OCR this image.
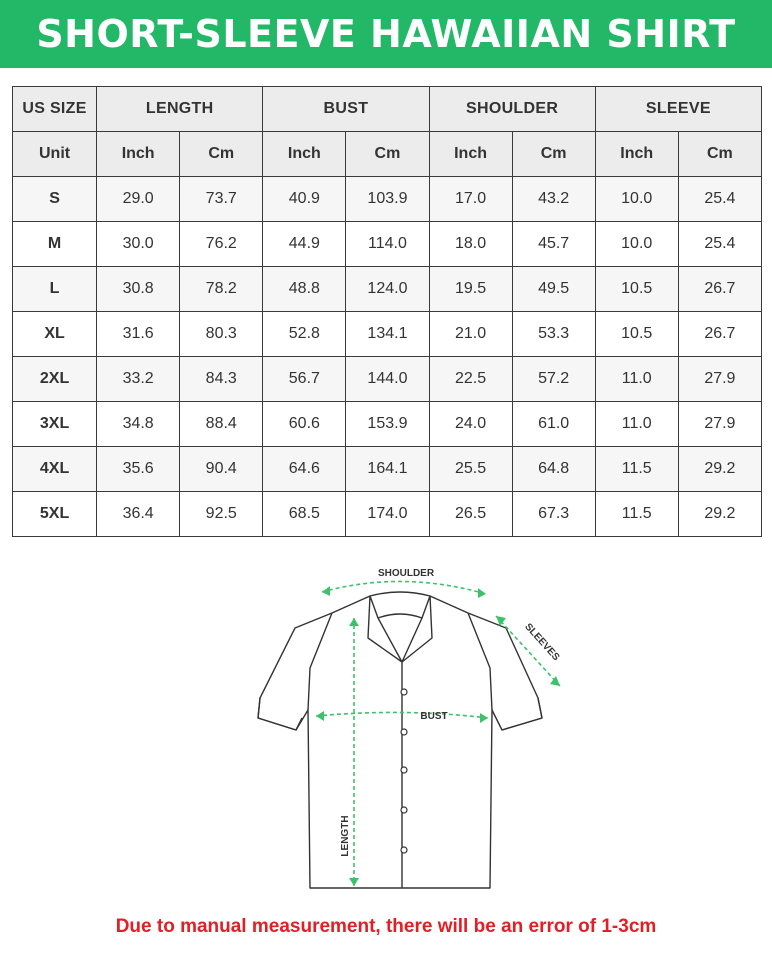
SHORT-SLEEVE HAWAIIAN SHIRT
US SIZE	LENGTH		BUST		SHOULDER		SLEEVE	
Unit	Inch	Cm	Inch	Cm	Inch	Cm	Inch	Cm
S	29.0	73.7	40.9	103.9	17.0	43.2	10.0	25.4
M	30.0	76.2	44.9	114.0	18.0	45.7	10.0	25.4
L	30.8	78.2	48.8	124.0	19.5	49.5	10.5	26.7
XL	31.6	80.3	52.8	134.1	21.0	53.3	10.5	26.7
2XL	33.2	84.3	56.7	144.0	22.5	57.2	11.0	27.9
3XL	34.8	88.4	60.6	153.9	24.0	61.0	11.0	27.9
4XL	35.6	90.4	64.6	164.1	25.5	64.8	11.5	29.2
5XL	36.4	92.5	68.5	174.0	26.5	67.3	11.5	29.2
SHOULDER
SLEEVES
BUST
LENGTH
Due to manual measurement, there will be an error of 1-3cm
